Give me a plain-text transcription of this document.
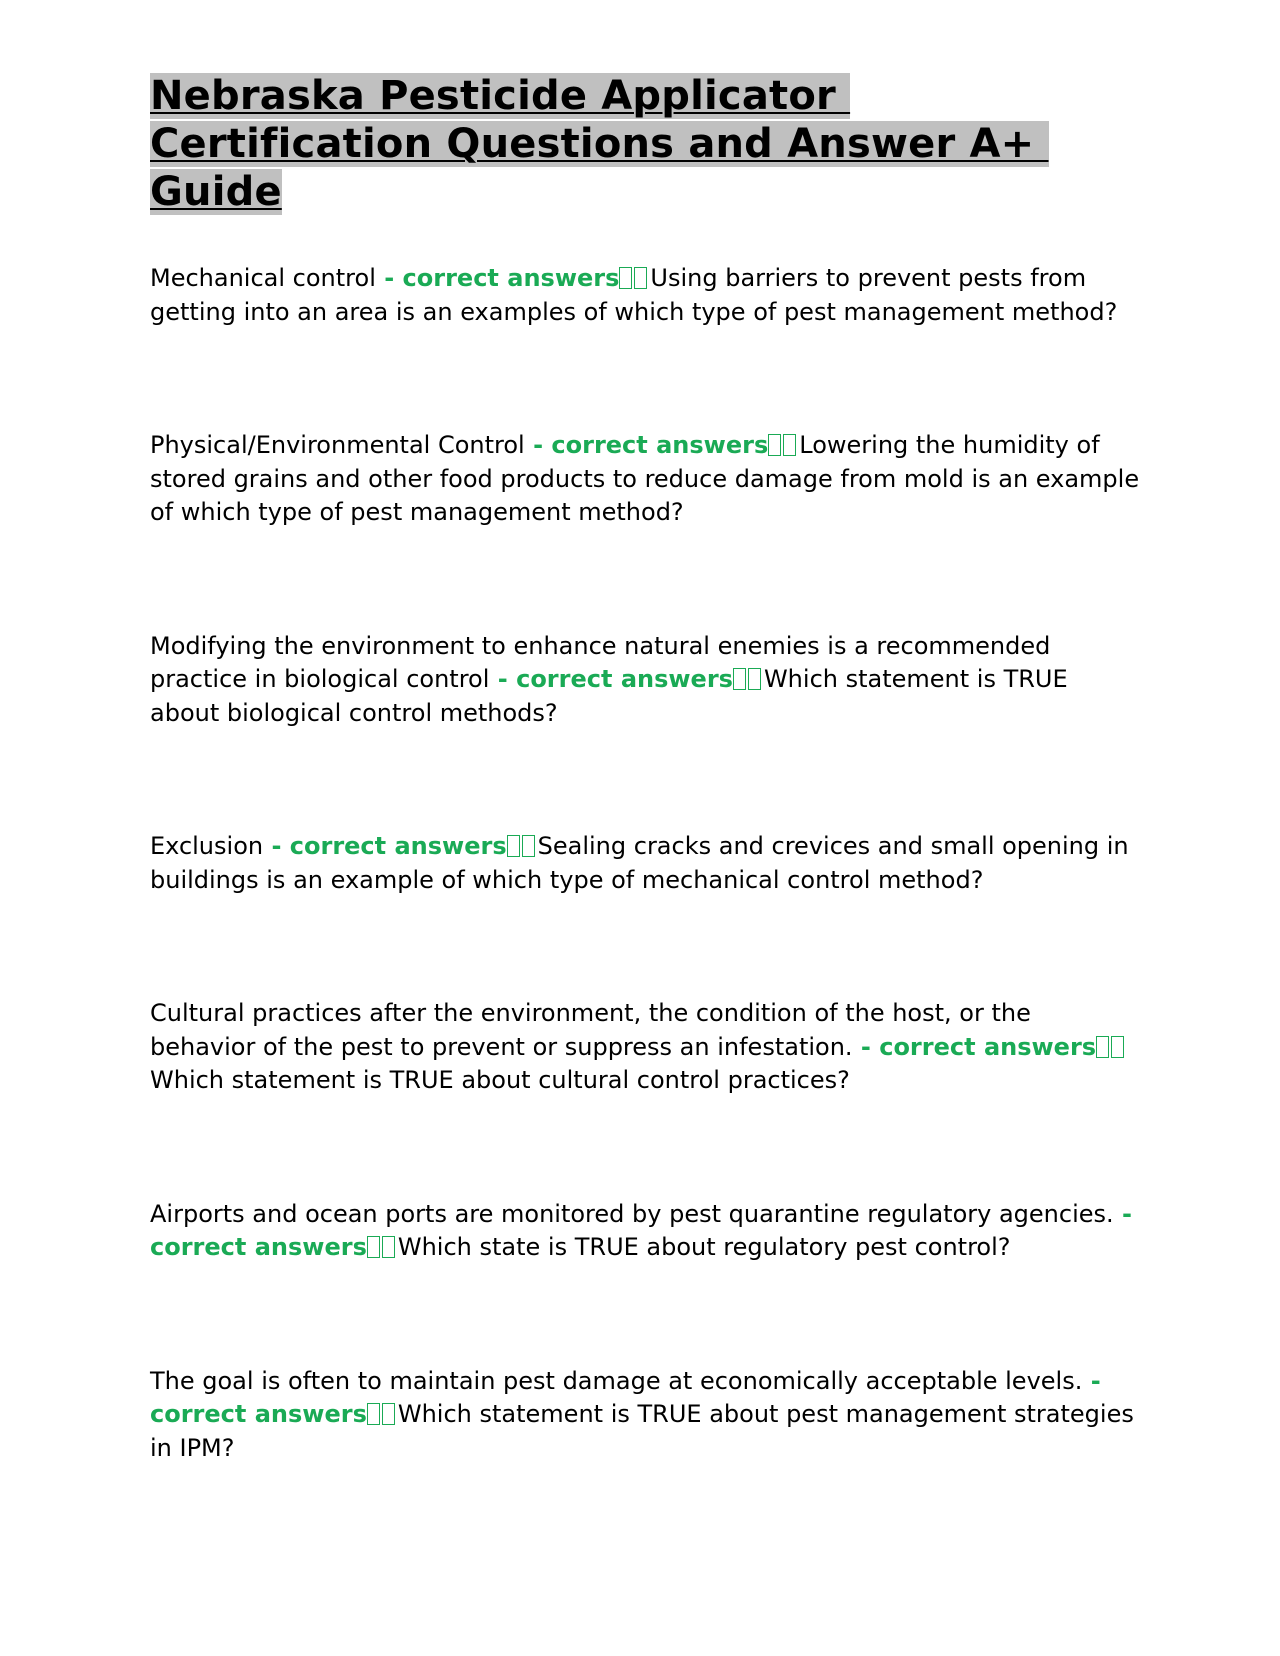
Nebraska Pesticide Applicator
Certification Questions and Answer A+
Guide

Mechanical control - correct answers Using barriers to prevent pests from getting into an area is an examples of which type of pest management method?

Physical/Environmental Control - correct answers Lowering the humidity of stored grains and other food products to reduce damage from mold is an example of which type of pest management method?

Modifying the environment to enhance natural enemies is a recommended practice in biological control - correct answers Which statement is TRUE about biological control methods?

Exclusion - correct answers Sealing cracks and crevices and small opening in buildings is an example of which type of mechanical control method?

Cultural practices after the environment, the condition of the host, or the behavior of the pest to prevent or suppress an infestation. - correct answersWhich statement is TRUE about cultural control practices?

Airports and ocean ports are monitored by pest quarantine regulatory agencies. - correct answers Which state is TRUE about regulatory pest control?

The goal is often to maintain pest damage at economically acceptable levels. - correct answers Which statement is TRUE about pest management strategies in IPM?
